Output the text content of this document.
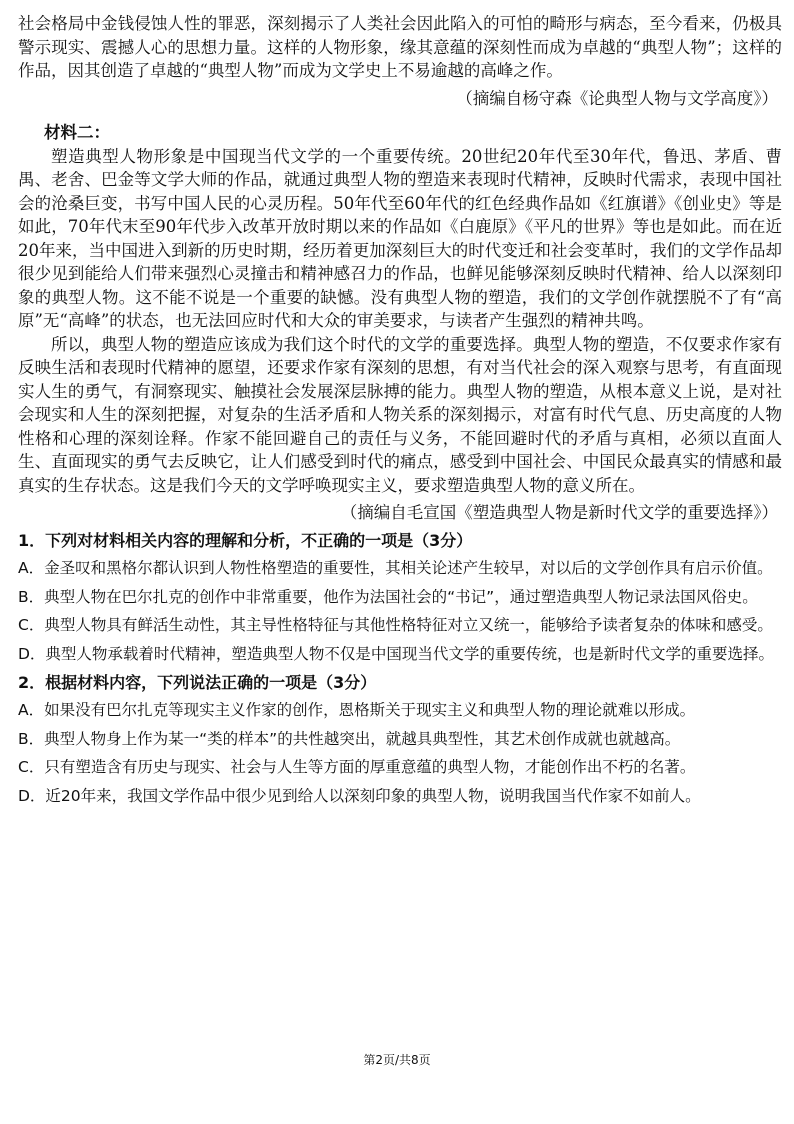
社会格局中金钱侵蚀人性的罪恶，深刻揭示了人类社会因此陷入的可怕的畸形与病态，至今看来，仍极具警示现实、震撼人心的思想力量。这样的人物形象，缘其意蕴的深刻性而成为卓越的“典型人物”；这样的作品，因其创造了卓越的“典型人物”而成为文学史上不易逾越的高峰之作。

（摘编自杨守森《论典型人物与文学高度》）

材料二：

塑造典型人物形象是中国现当代文学的一个重要传统。20世纪20年代至30年代，鲁迅、茅盾、曹禺、老舍、巴金等文学大师的作品，就通过典型人物的塑造来表现时代精神，反映时代需求，表现中国社会的沧桑巨变，书写中国人民的心灵历程。50年代至60年代的红色经典作品如《红旗谱》《创业史》等是如此，70年代末至90年代步入改革开放时期以来的作品如《白鹿原》《平凡的世界》等也是如此。而在近20年来，当中国进入到新的历史时期，经历着更加深刻巨大的时代变迁和社会变革时，我们的文学作品却很少见到能给人们带来强烈心灵撞击和精神感召力的作品，也鲜见能够深刻反映时代精神、给人以深刻印象的典型人物。这不能不说是一个重要的缺憾。没有典型人物的塑造，我们的文学创作就摆脱不了有“高原”无“高峰”的状态，也无法回应时代和大众的审美要求，与读者产生强烈的精神共鸣。

所以，典型人物的塑造应该成为我们这个时代的文学的重要选择。典型人物的塑造，不仅要求作家有反映生活和表现时代精神的愿望，还要求作家有深刻的思想，有对当代社会的深入观察与思考，有直面现实人生的勇气，有洞察现实、触摸社会发展深层脉搏的能力。典型人物的塑造，从根本意义上说，是对社会现实和人生的深刻把握，对复杂的生活矛盾和人物关系的深刻揭示，对富有时代气息、历史高度的人物性格和心理的深刻诠释。作家不能回避自己的责任与义务，不能回避时代的矛盾与真相，必须以直面人生、直面现实的勇气去反映它，让人们感受到时代的痛点，感受到中国社会、中国民众最真实的情感和最真实的生存状态。这是我们今天的文学呼唤现实主义，要求塑造典型人物的意义所在。

（摘编自毛宣国《塑造典型人物是新时代文学的重要选择》）

1．下列对材料相关内容的理解和分析，不正确的一项是（3分）

A．金圣叹和黑格尔都认识到人物性格塑造的重要性，其相关论述产生较早，对以后的文学创作具有启示价值。

B．典型人物在巴尔扎克的创作中非常重要，他作为法国社会的“书记”，通过塑造典型人物记录法国风俗史。

C．典型人物具有鲜活生动性，其主导性格特征与其他性格特征对立又统一，能够给予读者复杂的体味和感受。

D．典型人物承载着时代精神，塑造典型人物不仅是中国现当代文学的重要传统，也是新时代文学的重要选择。

2．根据材料内容，下列说法正确的一项是（3分）

A．如果没有巴尔扎克等现实主义作家的创作，恩格斯关于现实主义和典型人物的理论就难以形成。

B．典型人物身上作为某一“类的样本”的共性越突出，就越具典型性，其艺术创作成就也就越高。

C．只有塑造含有历史与现实、社会与人生等方面的厚重意蕴的典型人物，才能创作出不朽的名著。

D．近20年来，我国文学作品中很少见到给人以深刻印象的典型人物，说明我国当代作家不如前人。

第2页/共8页
